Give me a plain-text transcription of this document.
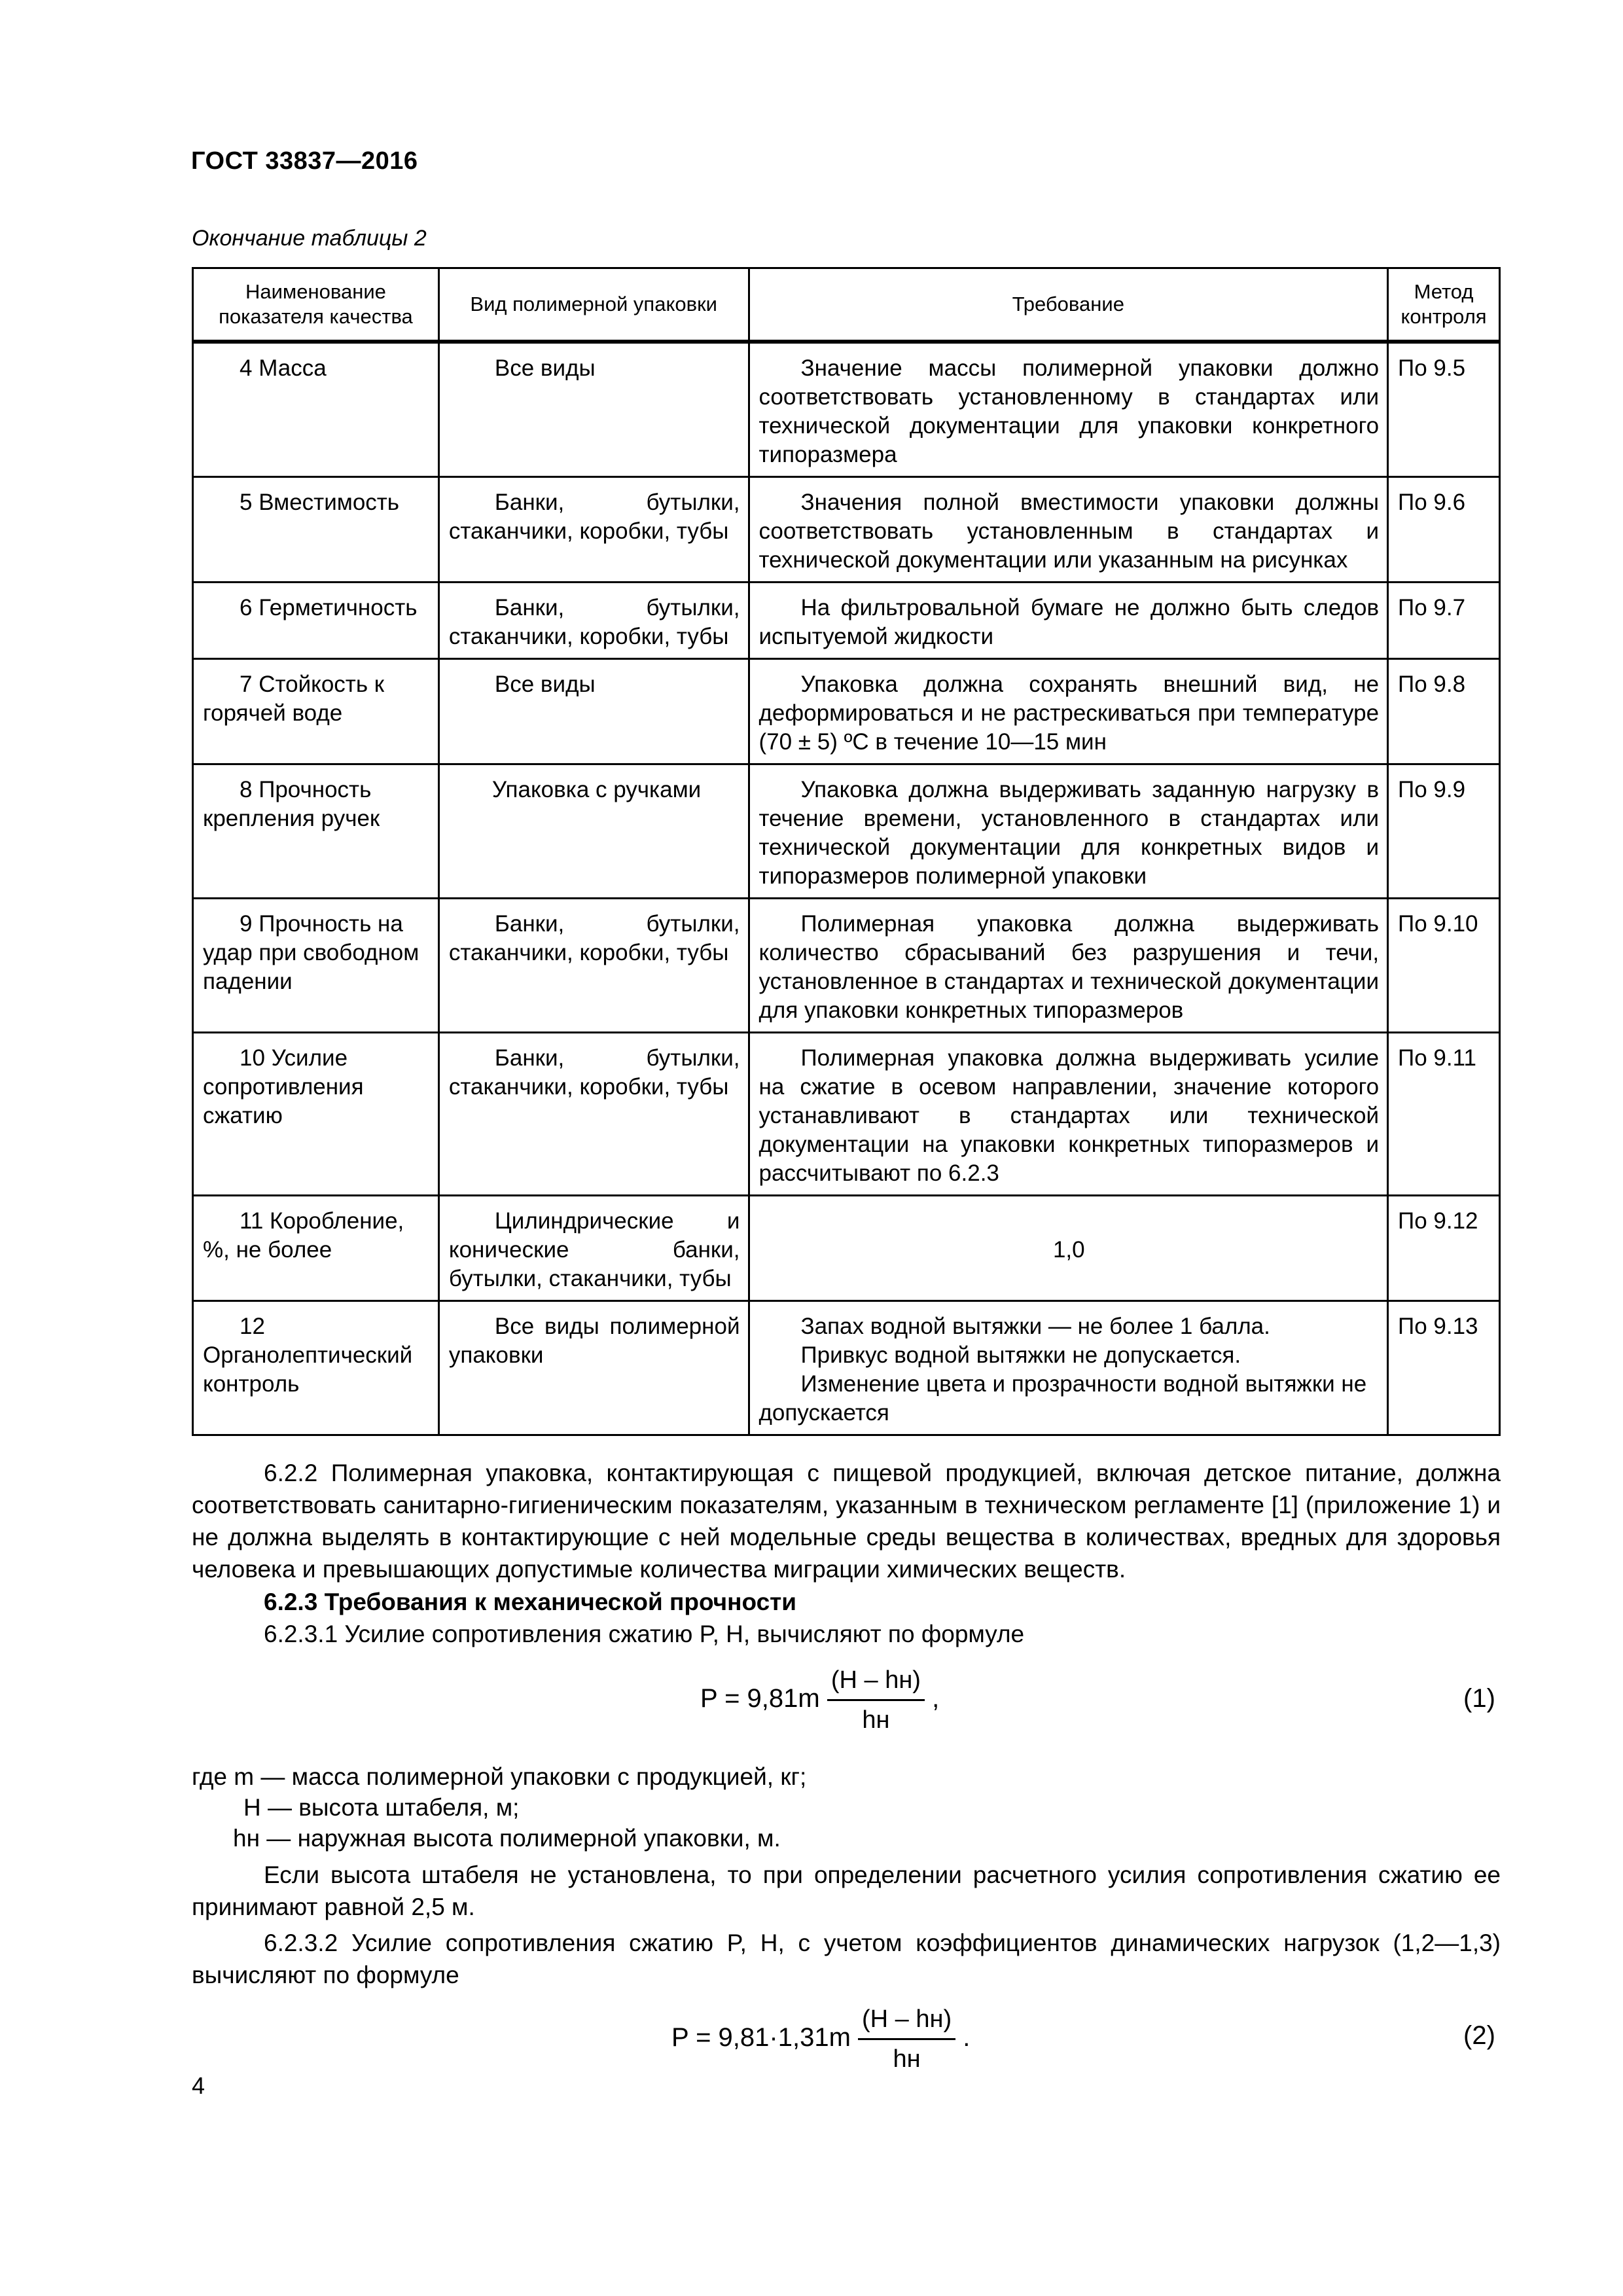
ГОСТ 33837—2016
Окончание таблицы 2
Наименование показателя качества	Вид полимерной упаковки	Требование	Метод контроля

4 Масса	Все виды	Значение массы полимерной упаковки должно соответствовать установленному в стандартах или технической документации для упаковки конкретного типоразмера	По 9.5

5 Вместимость	Банки, бутылки, стаканчики, коробки, тубы	Значения полной вместимости упаковки должны соответствовать установленным в стандартах и технической документации или указанным на рисунках	По 9.6

6 Герметичность	Банки, бутылки, стаканчики, коробки, тубы	На фильтровальной бумаге не должно быть следов испытуемой жидкости	По 9.7

7 Стойкость к горячей воде	Все виды	Упаковка должна сохранять внешний вид, не деформироваться и не растрескиваться при температуре (70 ± 5) ºС в течение 10—15 мин	По 9.8

8 Прочность крепления ручек	Упаковка с ручками	Упаковка должна выдерживать заданную нагрузку в течение времени, установленного в стандартах или технической документации для конкретных видов и типоразмеров полимерной упаковки	По 9.9

9 Прочность на удар при свободном падении	Банки, бутылки, стаканчики, коробки, тубы	Полимерная упаковка должна выдерживать количество сбрасываний без разрушения и течи, установленное в стандартах и технической документации для упаковки конкретных типоразмеров	По 9.10

10 Усилие сопротивления сжатию	Банки, бутылки, стаканчики, коробки, тубы	Полимерная упаковка должна выдерживать усилие на сжатие в осевом направлении, значение которого устанавливают в стандартах или технической документации на упаковки конкретных типоразмеров и рассчитывают по 6.2.3	По 9.11

11 Коробление, %, не более	Цилиндрические и конические банки, бутылки, стаканчики, тубы	1,0	По 9.12

12 Органолептический контроль	Все виды полимерной упаковки	Запах водной вытяжки — не более 1 балла.
Привкус водной вытяжки не допускается.
Изменение цвета и прозрачности водной вытяжки не допускается	По 9.13
6.2.2 Полимерная упаковка, контактирующая с пищевой продукцией, включая детское питание, должна соответствовать санитарно-гигиеническим показателям, указанным в техническом регламенте [1] (приложение 1) и не должна выделять в контактирующие с ней модельные среды вещества в количествах, вредных для здоровья человека и превышающих допустимые количества миграции химических веществ.
6.2.3 Требования к механической прочности
6.2.3.1 Усилие сопротивления сжатию P, Н, вычисляют по формуле
$P = 9,81m \frac{(H - hн)}{hн}$ ,	(1)
где m — масса полимерной упаковки с продукцией, кг;
H — высота штабеля, м;
hн — наружная высота полимерной упаковки, м.
Если высота штабеля не установлена, то при определении расчетного усилия сопротивления сжатию ее принимают равной 2,5 м.
6.2.3.2 Усилие сопротивления сжатию P, Н, с учетом коэффициентов динамических нагрузок (1,2—1,3) вычисляют по формуле
$P = 9,81\cdot 1,31m \frac{(H - hн)}{hн}$ .	(2)
4
